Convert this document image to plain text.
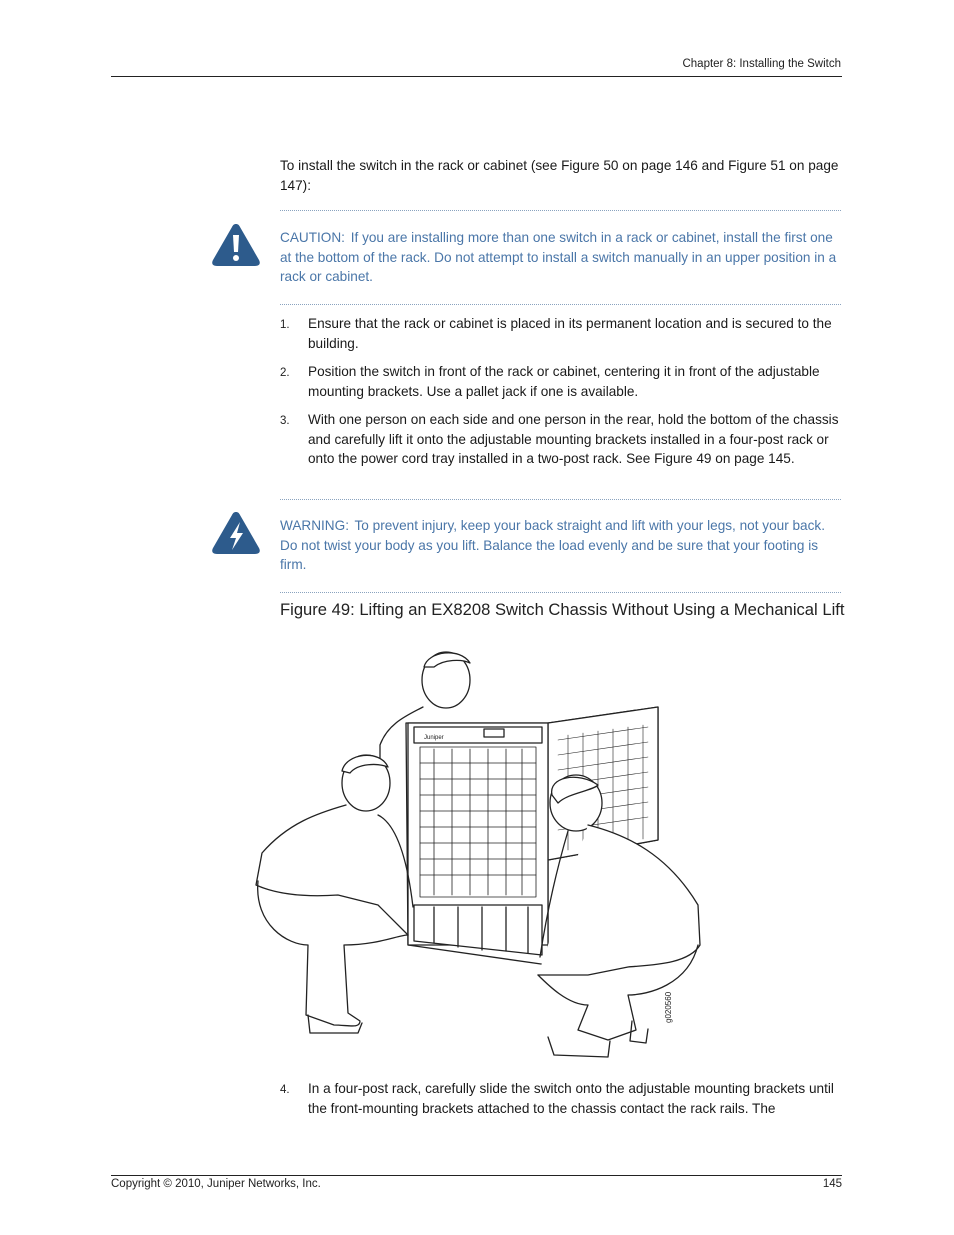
Chapter 8: Installing the Switch
To install the switch in the rack or cabinet (see Figure 50 on page 146 and Figure 51 on page 147):
CAUTION: If you are installing more than one switch in a rack or cabinet, install the first one at the bottom of the rack. Do not attempt to install a switch manually in an upper position in a rack or cabinet.
1. Ensure that the rack or cabinet is placed in its permanent location and is secured to the building.
2. Position the switch in front of the rack or cabinet, centering it in front of the adjustable mounting brackets. Use a pallet jack if one is available.
3. With one person on each side and one person in the rear, hold the bottom of the chassis and carefully lift it onto the adjustable mounting brackets installed in a four-post rack or onto the power cord tray installed in a two-post rack. See Figure 49 on page 145.
WARNING: To prevent injury, keep your back straight and lift with your legs, not your back. Do not twist your body as you lift. Balance the load evenly and be sure that your footing is firm.
Figure 49: Lifting an EX8208 Switch Chassis Without Using a Mechanical Lift
Juniper
g020560
4. In a four-post rack, carefully slide the switch onto the adjustable mounting brackets until the front-mounting brackets attached to the chassis contact the rack rails. The
Copyright © 2010, Juniper Networks, Inc.	145
